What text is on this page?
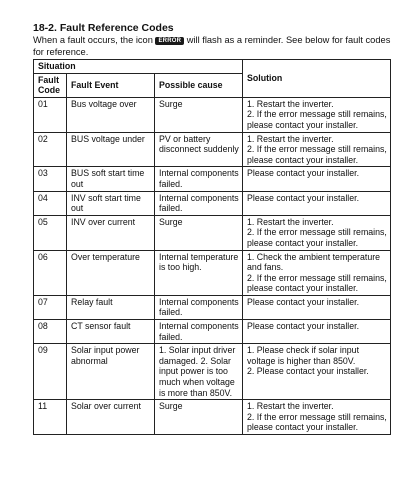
18-2. Fault Reference Codes
When a fault occurs, the icon ERROR will flash as a reminder. See below for fault codes for reference.
Situation			Solution
Fault Code	Fault Event	Possible cause	
01	Bus voltage over	Surge	1. Restart the inverter.
2. If the error message still remains, please contact your installer.

02	BUS voltage under	PV or battery disconnect suddenly	1. Restart the inverter.
2. If the error message still remains, please contact your installer.

03	BUS soft start time out	Internal components failed.	Please contact your installer.

04	INV soft start time out	Internal components failed.	Please contact your installer.

05	INV over current	Surge	1. Restart the inverter.
2. If the error message still remains, please contact your installer.

06	Over temperature	Internal temperature is too high.	1. Check the ambient temperature and fans.
2. If the error message still remains, please contact your installer.

07	Relay fault	Internal components failed.	Please contact your installer.

08	CT sensor fault	Internal components failed.	Please contact your installer.

09	Solar input power abnormal	1. Solar input driver damaged. 2. Solar input power is too much when voltage is more than 850V.	1. Please check if solar input voltage is higher than 850V.
2. Please contact your installer.

11	Solar over current	Surge	1. Restart the inverter.
2. If the error message still remains, please contact your installer.
